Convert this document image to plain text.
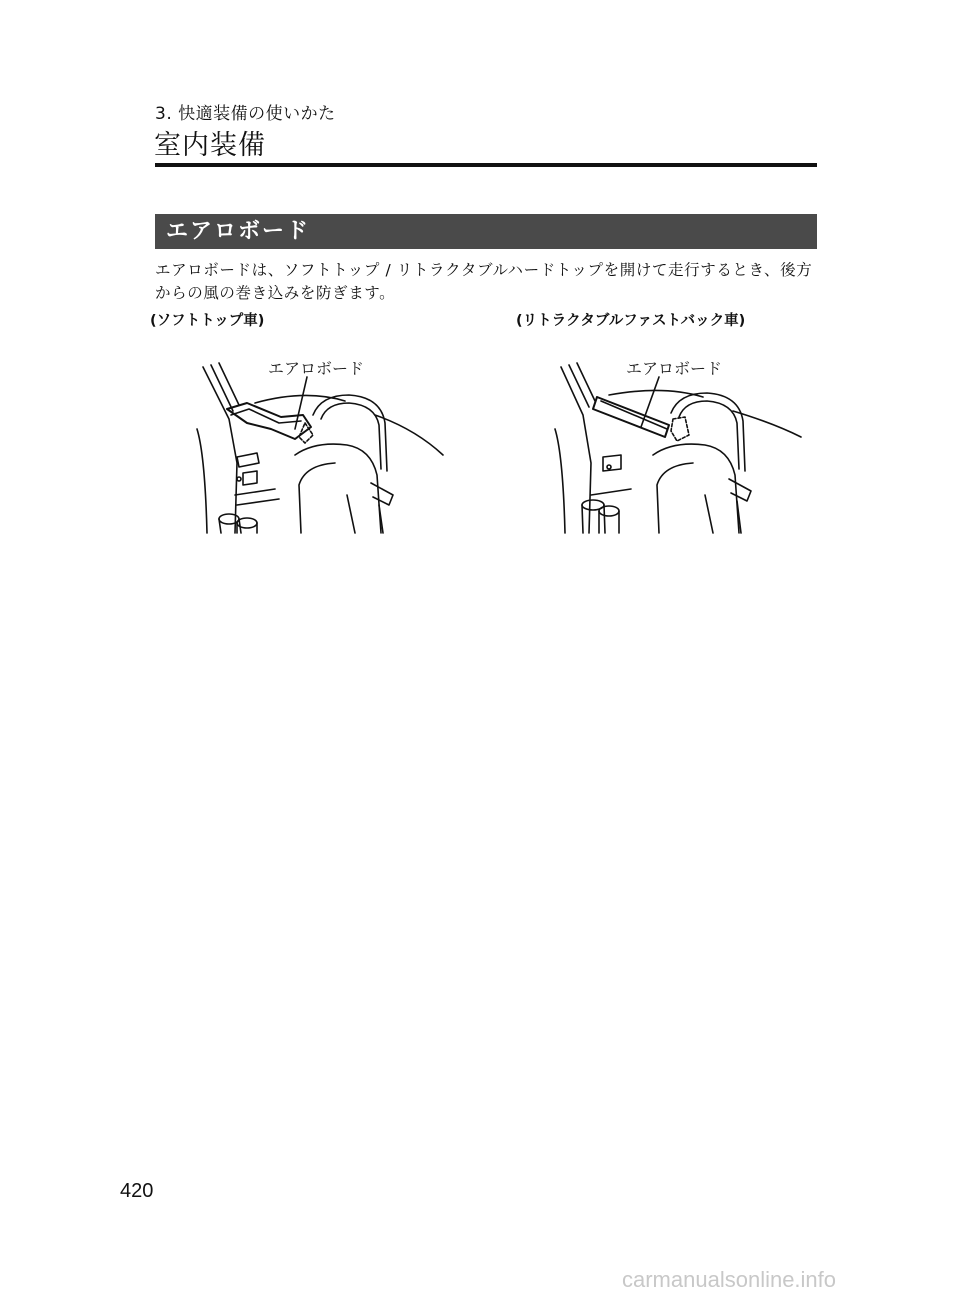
3. 快適装備の使いかた
室内装備
エアロボード
エアロボードは、ソフトトップ / リトラクタブルハードトップを開けて走行するとき、後方からの風の巻き込みを防ぎます。
(ソフトトップ車)	(リトラクタブルファストバック車)
エアロボード	エアロボード
420
carmanualsonline.info
